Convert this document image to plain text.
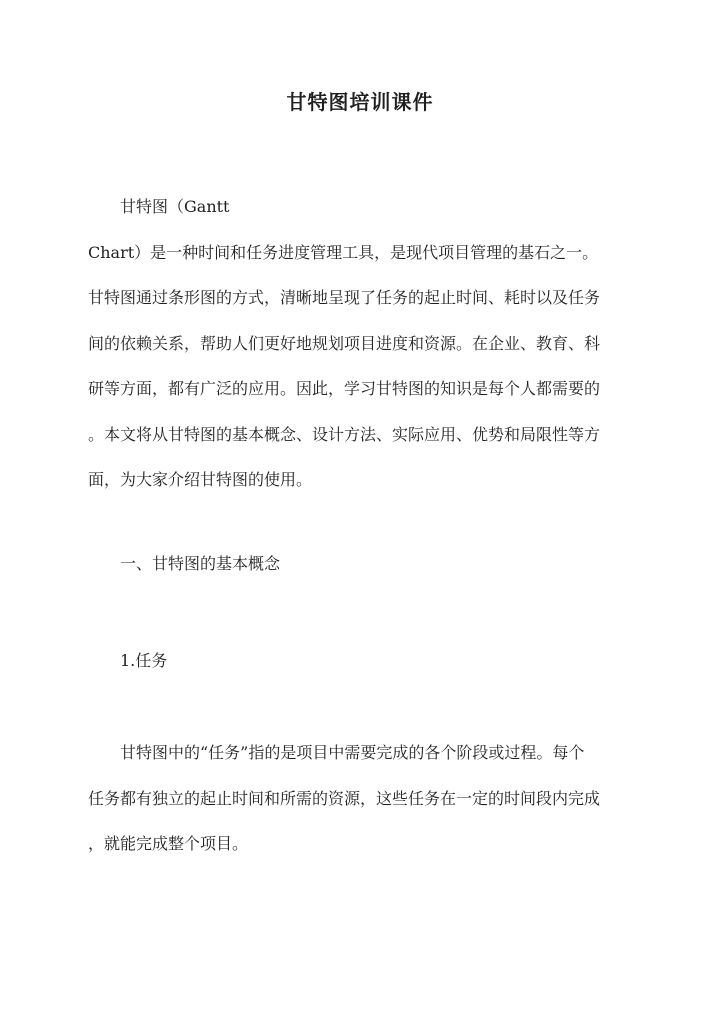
甘特图培训课件

甘特图（Gantt
Chart）是一种时间和任务进度管理工具，是现代项目管理的基石之一。
甘特图通过条形图的方式，清晰地呈现了任务的起止时间、耗时以及任务
间的依赖关系，帮助人们更好地规划项目进度和资源。在企业、教育、科
研等方面，都有广泛的应用。因此，学习甘特图的知识是每个人都需要的
。本文将从甘特图的基本概念、设计方法、实际应用、优势和局限性等方
面，为大家介绍甘特图的使用。

一、甘特图的基本概念

1.任务

甘特图中的“任务”指的是项目中需要完成的各个阶段或过程。每个
任务都有独立的起止时间和所需的资源，这些任务在一定的时间段内完成
，就能完成整个项目。
